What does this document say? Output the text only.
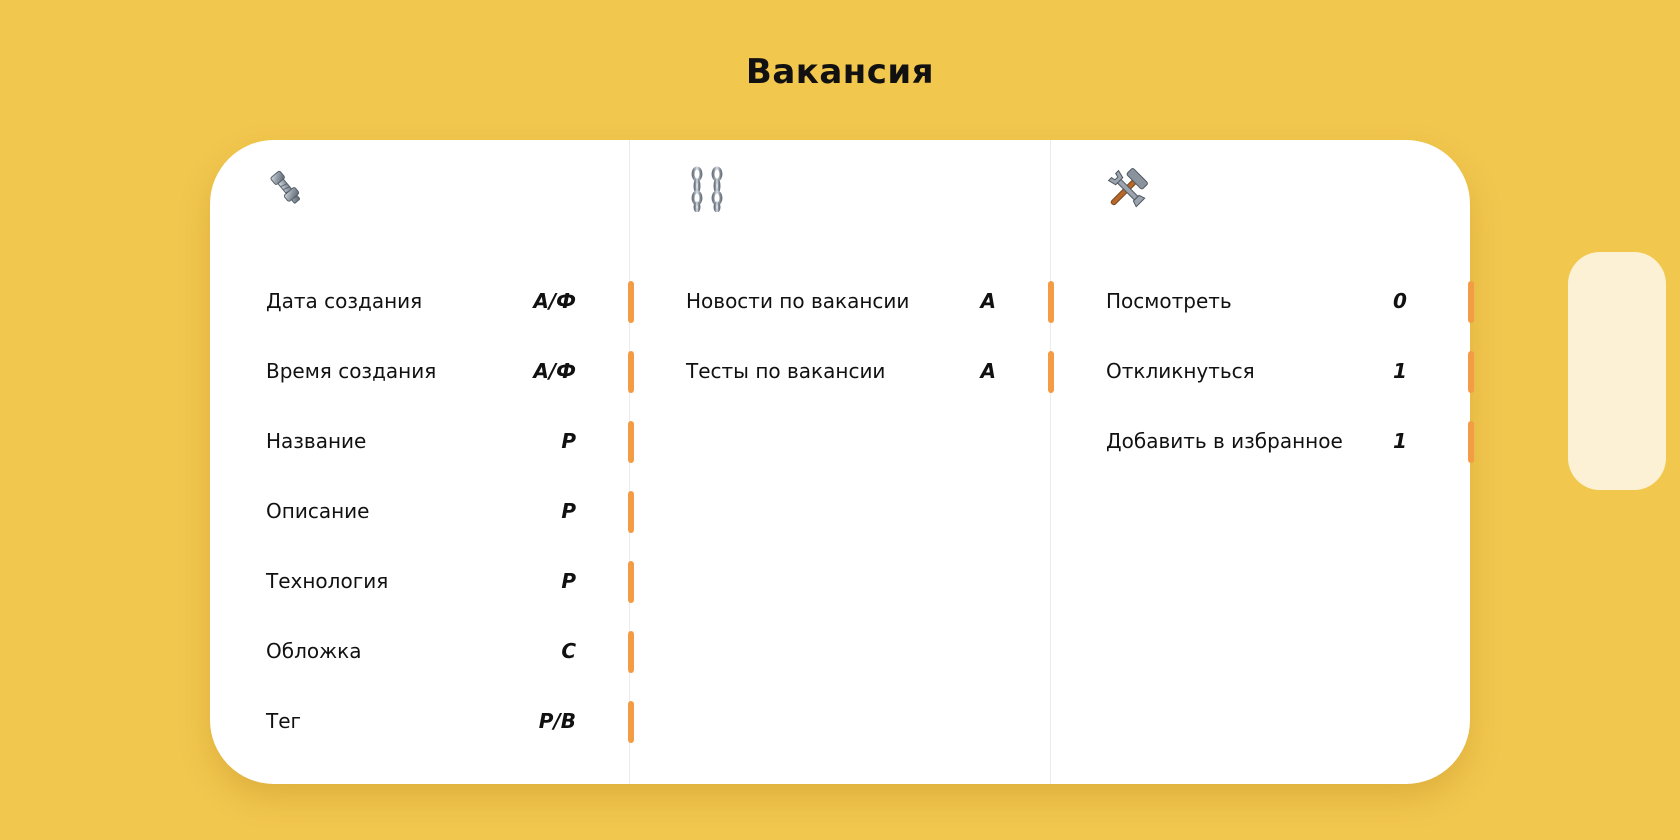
Вакансия
Дата создания	А/Ф
Время создания	А/Ф
Название	Р
Описание	Р
Технология	Р
Обложка	С
Тег	Р/В
Новости по вакансии	А
Тесты по вакансии	А
Посмотреть	0
Откликнуться	1
Добавить в избранное	1
